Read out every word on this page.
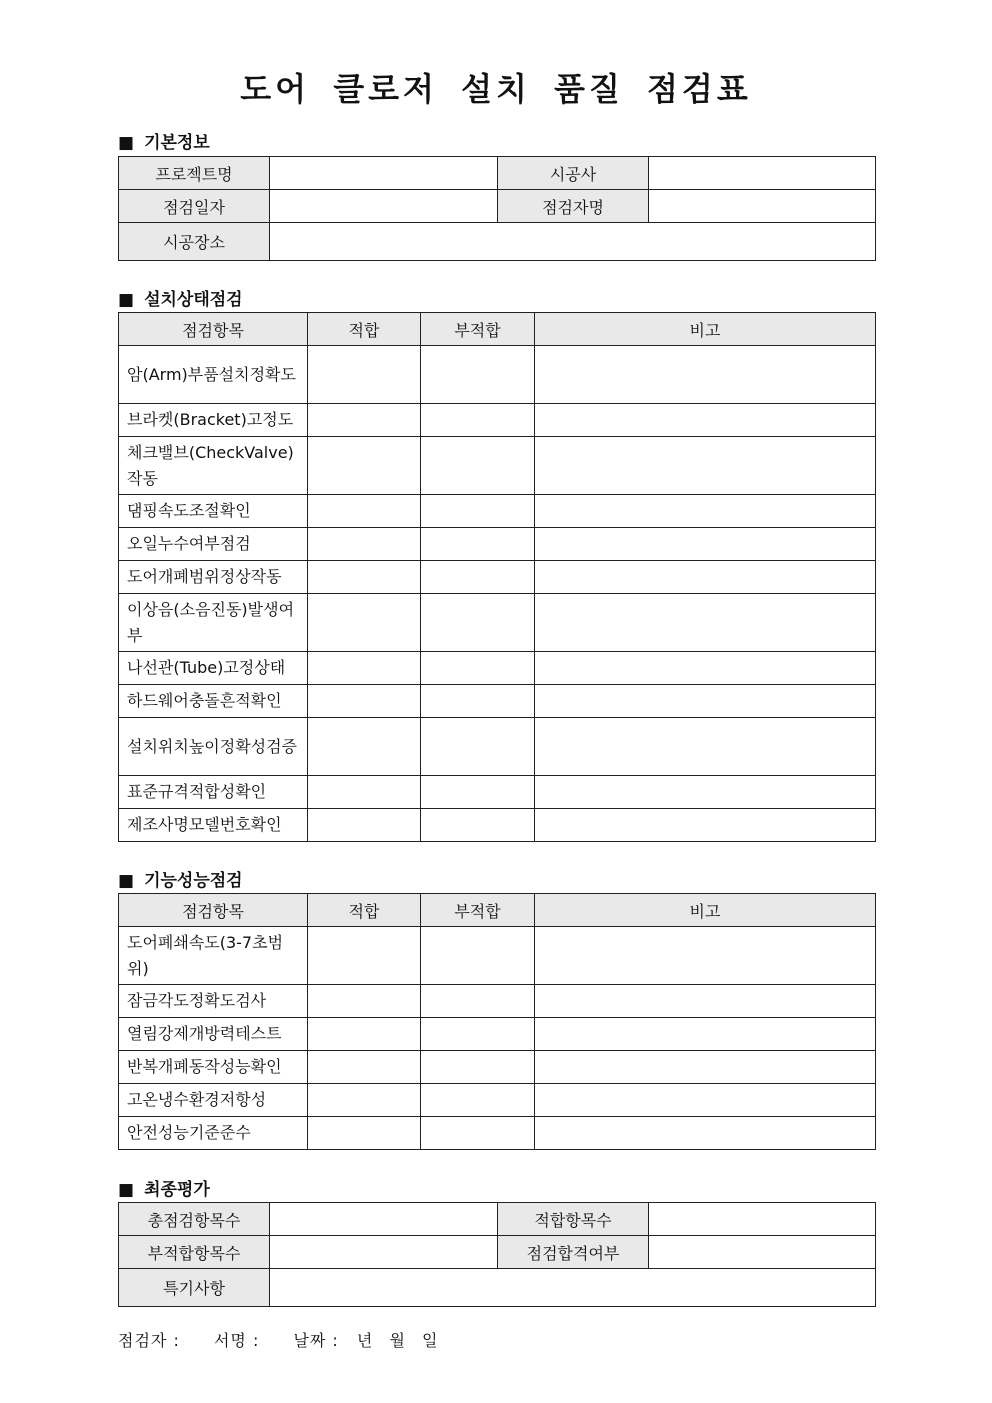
도어 클로저 설치 품질 점검표
■ 기본정보
프로젝트명		시공사	
점검일자		점검자명	
시공장소			
■ 설치상태점검
점검항목	적합	부적합	비고
암(Arm)부품설치정확도			
브라켓(Bracket)고정도			
체크밸브(CheckValve)작동			
댐핑속도조절확인			
오일누수여부점검			
도어개폐범위정상작동			
이상음(소음진동)발생여부			
나선관(Tube)고정상태			
하드웨어충돌흔적확인			
설치위치높이정확성검증			
표준규격적합성확인			
제조사명모델번호확인			
■ 기능성능점검
점검항목	적합	부적합	비고
도어폐쇄속도(3-7초범위)			
잠금각도정확도검사			
열림강제개방력테스트			
반복개폐동작성능확인			
고온냉수환경저항성			
안전성능기준준수			
■ 최종평가
총점검항목수		적합항목수	
부적합항목수		점검합격여부	
특기사항			
점검자 : 서명 : 날짜 : 년 월 일
